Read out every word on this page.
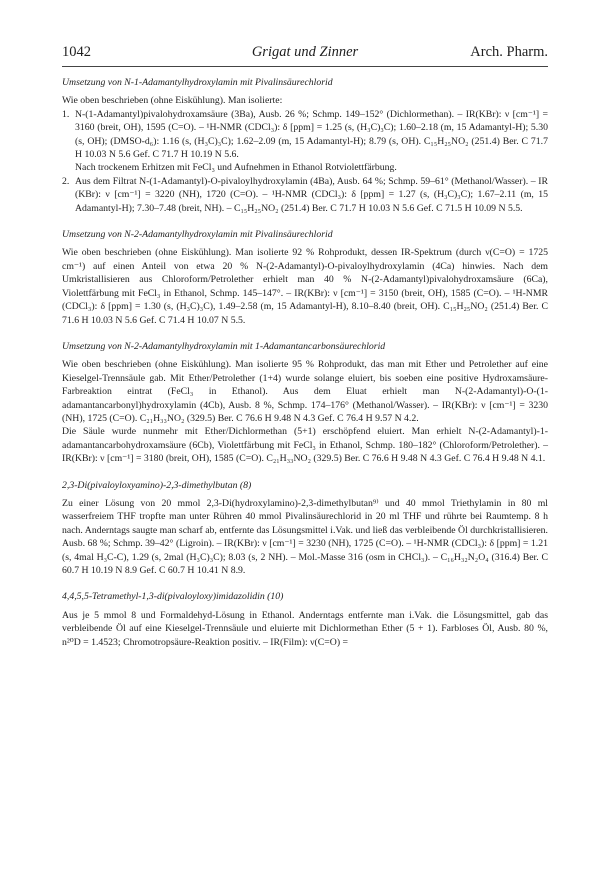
1042	Grigat und Zinner	Arch. Pharm.

Umsetzung von N-1-Adamantylhydroxylamin mit Pivalinsäurechlorid

Wie oben beschrieben (ohne Eiskühlung). Man isolierte:

1. N-(1-Adamantyl)pivalohydroxamsäure (3Ba), Ausb. 26 %; Schmp. 149–152° (Dichlormethan). – IR(KBr): ν [cm⁻¹] = 3160 (breit, OH), 1595 (C=O). – ¹H-NMR (CDCl₃): δ [ppm] = 1.25 (s, (H₃C)₃C); 1.60–2.18 (m, 15 Adamantyl-H); 5.30 (s, OH); (DMSO-d₆): 1.16 (s, (H₃C)₃C); 1.62–2.09 (m, 15 Adamantyl-H); 8.79 (s, OH). C₁₅H₂₅NO₂ (251.4) Ber. C 71.7 H 10.03 N 5.6 Gef. C 71.7 H 10.19 N 5.6.

Nach trockenem Erhitzen mit FeCl₃ und Aufnehmen in Ethanol Rotviolettfärbung.

2. Aus dem Filtrat N-(1-Adamantyl)-O-pivaloylhydroxylamin (4Ba), Ausb. 64 %; Schmp. 59–61° (Methanol/Wasser). – IR (KBr): ν [cm⁻¹] = 3220 (NH), 1720 (C=O). – ¹H-NMR (CDCl₃): δ [ppm] = 1.27 (s, (H₃C)₃C); 1.67–2.11 (m, 15 Adamantyl-H); 7.30–7.48 (breit, NH). – C₁₅H₂₅NO₂ (251.4) Ber. C 71.7 H 10.03 N 5.6 Gef. C 71.5 H 10.09 N 5.5.

Umsetzung von N-2-Adamantylhydroxylamin mit Pivalinsäurechlorid

Wie oben beschrieben (ohne Eiskühlung). Man isolierte 92 % Rohprodukt, dessen IR-Spektrum (durch ν(C=O) = 1725 cm⁻¹) auf einen Anteil von etwa 20 % N-(2-Adamantyl)-O-pivaloylhydroxylamin (4Ca) hinwies. Nach dem Umkristallisieren aus Chloroform/Petrolether erhielt man 40 % N-(2-Adamantyl)pivalohydroxamsäure (6Ca), Violettfärbung mit FeCl₃ in Ethanol, Schmp. 145–147°. – IR(KBr): ν [cm⁻¹] = 3150 (breit, OH), 1585 (C=O). – ¹H-NMR (CDCl₃): δ [ppm] = 1.30 (s, (H₃C)₃C), 1.49–2.58 (m, 15 Adamantyl-H), 8.10–8.40 (breit, OH). C₁₅H₂₅NO₂ (251.4) Ber. C 71.6 H 10.03 N 5.6 Gef. C 71.4 H 10.07 N 5.5.

Umsetzung von N-2-Adamantylhydroxylamin mit 1-Adamantancarbonsäurechlorid

Wie oben beschrieben (ohne Eiskühlung). Man isolierte 95 % Rohprodukt, das man mit Ether und Petrolether auf eine Kieselgel-Trennsäule gab. Mit Ether/Petrolether (1+4) wurde solange eluiert, bis soeben eine positive Hydroxamsäure-Farbreaktion eintrat (FeCl₃ in Ethanol). Aus dem Eluat erhielt man N-(2-Adamantyl)-O-(1-adamantancarbonyl)hydroxylamin (4Cb), Ausb. 8 %, Schmp. 174–176° (Methanol/Wasser). – IR(KBr): ν [cm⁻¹] = 3230 (NH), 1725 (C=O). C₂₁H₃₃NO₂ (329.5) Ber. C 76.6 H 9.48 N 4.3 Gef. C 76.4 H 9.57 N 4.2.

Die Säule wurde nunmehr mit Ether/Dichlormethan (5+1) erschöpfend eluiert. Man erhielt N-(2-Adamantyl)-1-adamantancarbohydroxamsäure (6Cb), Violettfärbung mit FeCl₃ in Ethanol, Schmp. 180–182° (Chloroform/Petrolether). – IR(KBr): ν [cm⁻¹] = 3180 (breit, OH), 1585 (C=O). C₂₁H₃₃NO₂ (329.5) Ber. C 76.6 H 9.48 N 4.3 Gef. C 76.4 H 9.48 N 4.1.

2,3-Di(pivaloyloxyamino)-2,3-dimethylbutan (8)

Zu einer Lösung von 20 mmol 2,3-Di(hydroxylamino)-2,3-dimethylbutan⁹⁾ und 40 mmol Triethylamin in 80 ml wasserfreiem THF tropfte man unter Rühren 40 mmol Pivalinsäurechlorid in 20 ml THF und rührte bei Raumtemp. 8 h nach. Anderntags saugte man scharf ab, entfernte das Lösungsmittel i.Vak. und ließ das verbleibende Öl durchkristallisieren. Ausb. 68 %; Schmp. 39–42° (Ligroin). – IR(KBr): ν [cm⁻¹] = 3230 (NH), 1725 (C=O). – ¹H-NMR (CDCl₃): δ [ppm] = 1.21 (s, 4mal H₃C-C), 1.29 (s, 2mal (H₃C)₃C); 8.03 (s, 2 NH). – Mol.-Masse 316 (osm in CHCl₃). – C₁₆H₃₂N₂O₄ (316.4) Ber. C 60.7 H 10.19 N 8.9 Gef. C 60.7 H 10.41 N 8.9.

4,4,5,5-Tetramethyl-1,3-di(pivaloyloxy)imidazolidin (10)

Aus je 5 mmol 8 und Formaldehyd-Lösung in Ethanol. Anderntags entfernte man i.Vak. die Lösungsmittel, gab das verbleibende Öl auf eine Kieselgel-Trennsäule und eluierte mit Dichlormethan Ether (5 + 1). Farbloses Öl, Ausb. 80 %, n²⁰D = 1.4523; Chromotropsäure-Reaktion positiv. – IR(Film): ν(C=O) =
